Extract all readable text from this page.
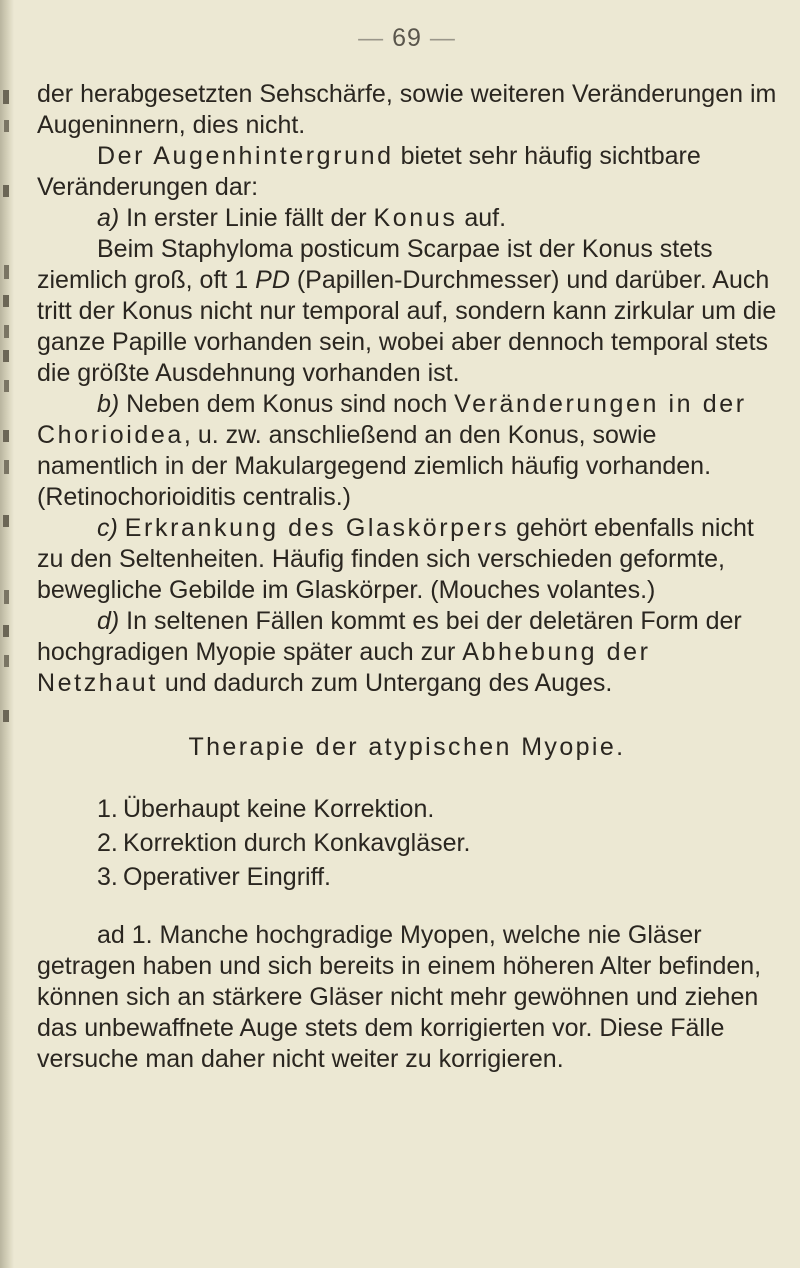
— 69 —

der herabgesetzten Sehschärfe, sowie weiteren Veränderungen im Augeninnern, dies nicht.

Der Augenhintergrund bietet sehr häufig sichtbare Veränderungen dar:

a) In erster Linie fällt der Konus auf.

Beim Staphyloma posticum Scarpae ist der Konus stets ziemlich groß, oft 1 PD (Papillen-Durchmesser) und darüber. Auch tritt der Konus nicht nur temporal auf, sondern kann zirkular um die ganze Papille vorhanden sein, wobei aber dennoch temporal stets die größte Ausdehnung vorhanden ist.

b) Neben dem Konus sind noch Veränderungen in der Chorioidea, u. zw. anschließend an den Konus, sowie namentlich in der Makulargegend ziemlich häufig vorhanden. (Retinochorioiditis centralis.)

c) Erkrankung des Glaskörpers gehört ebenfalls nicht zu den Seltenheiten. Häufig finden sich verschieden geformte, bewegliche Gebilde im Glaskörper. (Mouches volantes.)

d) In seltenen Fällen kommt es bei der deletären Form der hochgradigen Myopie später auch zur Abhebung der Netzhaut und dadurch zum Untergang des Auges.

Therapie der atypischen Myopie.
1. Überhaupt keine Korrektion.
2. Korrektion durch Konkavgläser.
3. Operativer Eingriff.

ad 1. Manche hochgradige Myopen, welche nie Gläser getragen haben und sich bereits in einem höheren Alter befinden, können sich an stärkere Gläser nicht mehr gewöhnen und ziehen das unbewaffnete Auge stets dem korrigierten vor. Diese Fälle versuche man daher nicht weiter zu korrigieren.
